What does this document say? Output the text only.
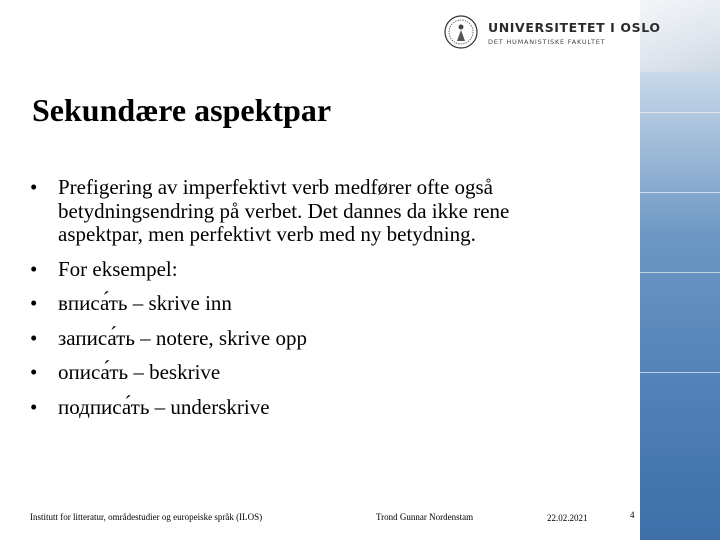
UNIVERSITETET I OSLO
DET HUMANISTISKE FAKULTET
Sekundære aspektpar
• Prefigering av imperfektivt verb medfører ofte også betydningsendring på verbet. Det dannes da ikke rene aspektpar, men perfektivt verb med ny betydning.
• For eksempel:
• вписа́ть – skrive inn
• записа́ть – notere, skrive opp
• описа́ть – beskrive
• подписа́ть – underskrive
Institutt for litteratur, områdestudier og europeiske språk (ILOS)	Trond Gunnar Nordenstam	22.02.2021	4
